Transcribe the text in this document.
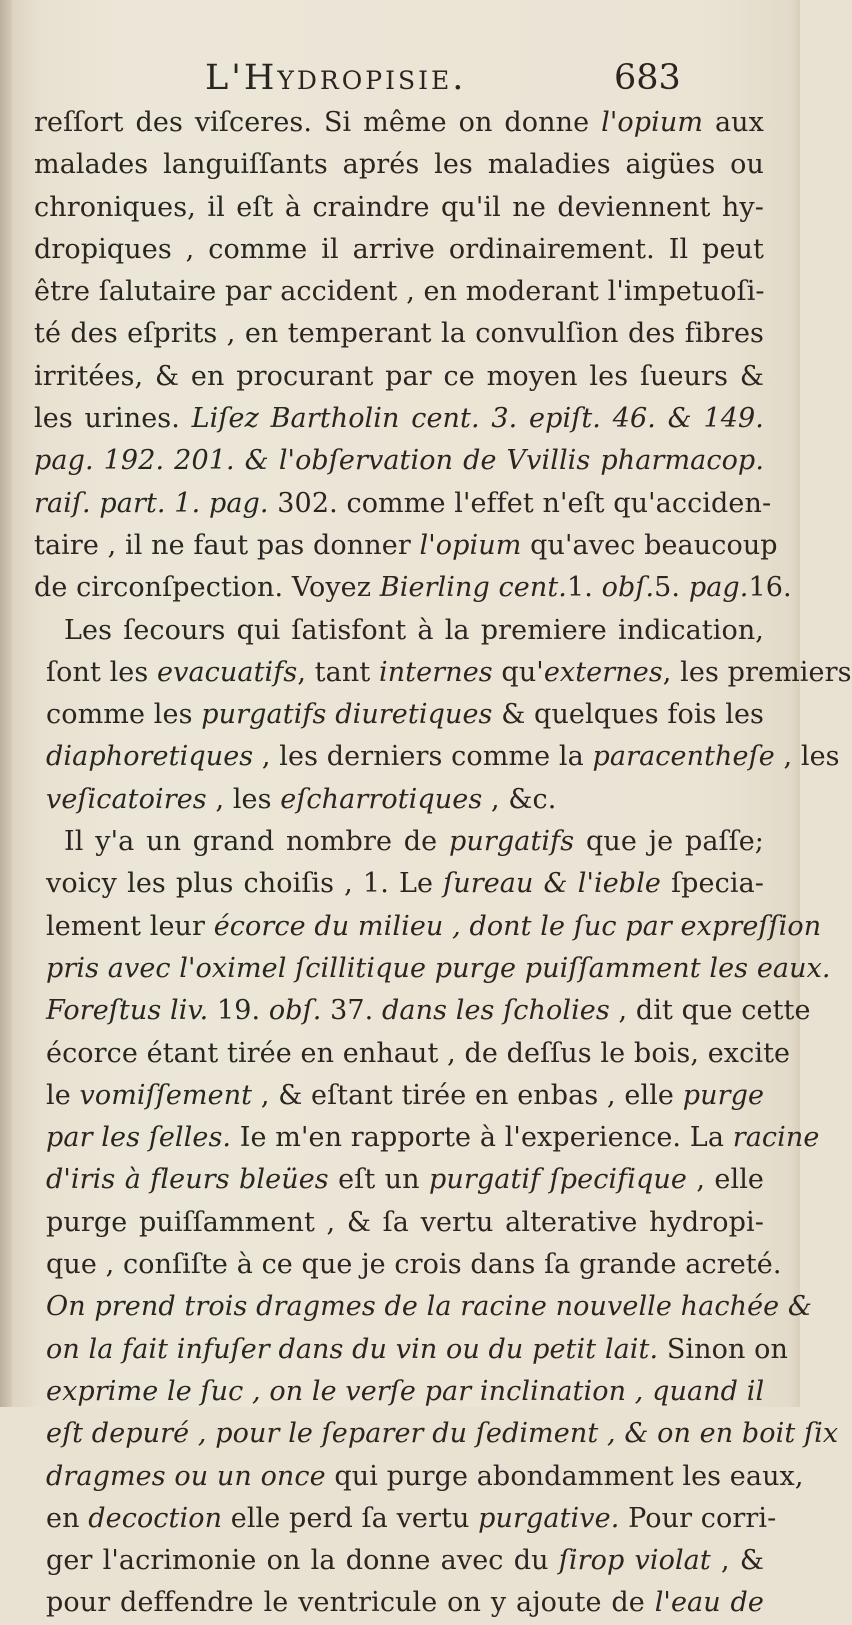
L'Hydropisie.	683
reſſort des viſceres. Si même on donne l'opium aux
malades languiſſants aprés les maladies aigües ou
chroniques, il eſt à craindre qu'il ne deviennent hy-
dropiques , comme il arrive ordinairement. Il peut
être ſalutaire par accident , en moderant l'impetuoſi-
té des eſprits , en temperant la convulſion des fibres
irritées, & en procurant par ce moyen les ſueurs &
les urines. Liſez Bartholin cent. 3. epiſt. 46. & 149.
pag. 192. 201. & l'obſervation de Vvillis pharmacop.
raiſ. part. 1. pag. 302. comme l'effet n'eſt qu'acciden-
taire , il ne faut pas donner l'opium qu'avec beaucoup
de circonſpection. Voyez Bierling cent.1. obſ.5. pag.16.
Les ſecours qui ſatisfont à la premiere indication,
ſont les evacuatifs, tant internes qu'externes, les premiers
comme les purgatifs diuretiques & quelques fois les
diaphoretiques , les derniers comme la paracentheſe , les
veſicatoires , les eſcharrotiques , &c.
Il y'a un grand nombre de purgatifs que je paſſe;
voicy les plus choiſis , 1. Le ſureau & l'ieble ſpecia-
lement leur écorce du milieu , dont le ſuc par expreſſion
pris avec l'oximel ſcillitique purge puiſſamment les eaux.
Foreſtus liv. 19. obſ. 37. dans les ſcholies , dit que cette
écorce étant tirée en enhaut , de deſſus le bois, excite
le vomiſſement , & eſtant tirée en enbas , elle purge
par les ſelles. Ie m'en rapporte à l'experience. La racine
d'iris à fleurs bleües eſt un purgatif ſpecifique , elle
purge puiſſamment , & ſa vertu alterative hydropi-
que , conſiſte à ce que je crois dans ſa grande acreté.
On prend trois dragmes de la racine nouvelle hachée &
on la fait infuſer dans du vin ou du petit lait. Sinon on
exprime le ſuc , on le verſe par inclination , quand il
eſt depuré , pour le ſeparer du ſediment , & on en boit ſix
dragmes ou un once qui purge abondamment les eaux,
en decoction elle perd ſa vertu purgative. Pour corri-
ger l'acrimonie on la donne avec du ſirop violat , &
pour deffendre le ventricule on y ajoute de l'eau de
